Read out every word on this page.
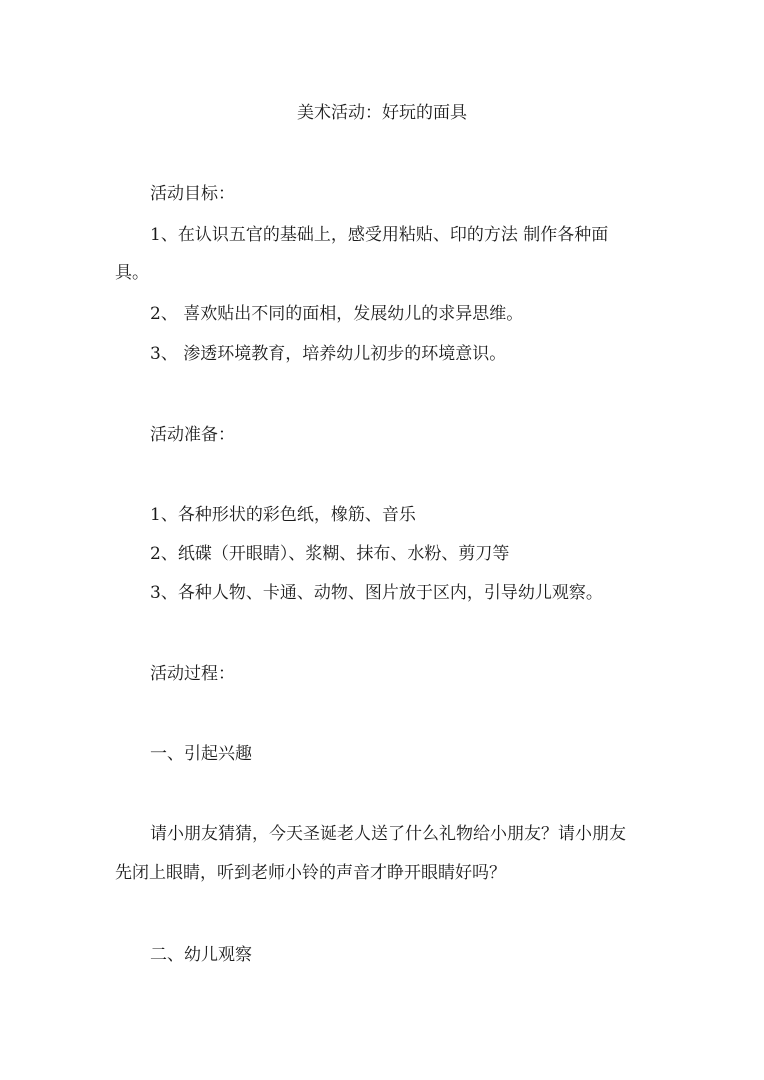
美术活动：好玩的面具
活动目标：
1、在认识五官的基础上，感受用粘贴、印的方法 制作各种面
具。
2、 喜欢贴出不同的面相，发展幼儿的求异思维。
3、 渗透环境教育，培养幼儿初步的环境意识。
活动准备：
1、各种形状的彩色纸，橡筋、音乐
2、纸碟（开眼睛）、浆糊、抹布、水粉、剪刀等
3、各种人物、卡通、动物、图片放于区内，引导幼儿观察。
活动过程：
一、引起兴趣
请小朋友猜猜，今天圣诞老人送了什么礼物给小朋友？请小朋友
先闭上眼睛，听到老师小铃的声音才睁开眼睛好吗？
二、幼儿观察
